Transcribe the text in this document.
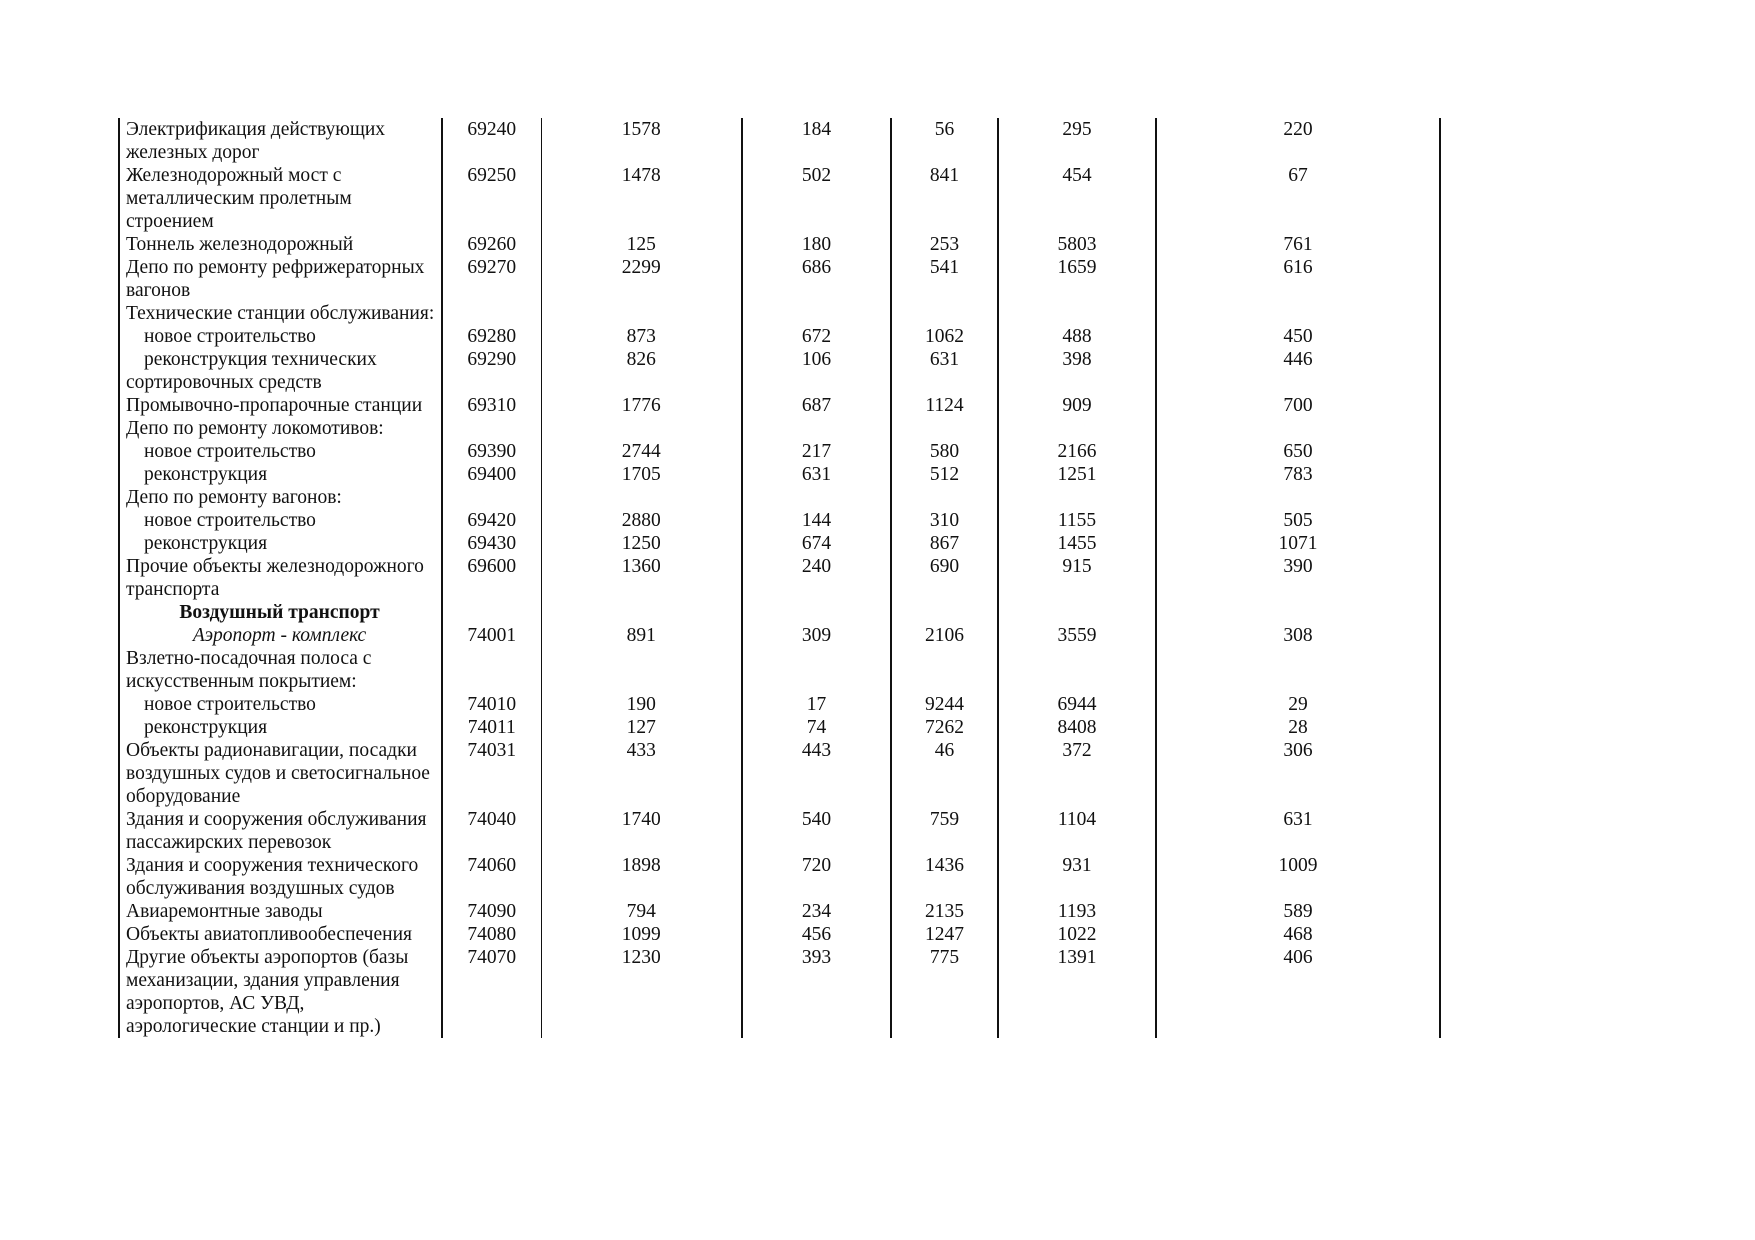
Электрификация действующих железных дорог	69240	1578	184	56	295	220
Железнодорожный мост с металлическим пролетным строением	69250	1478	502	841	454	67
Тоннель железнодорожный	69260	125	180	253	5803	761
Депо по ремонту рефрижераторных вагонов	69270	2299	686	541	1659	616
Технические станции обслуживания:						
новое строительство	69280	873	672	1062	488	450
реконструкция технических сортировочных средств	69290	826	106	631	398	446
Промывочно-пропарочные станции	69310	1776	687	1124	909	700
Депо по ремонту локомотивов:						
новое строительство	69390	2744	217	580	2166	650
реконструкция	69400	1705	631	512	1251	783
Депо по ремонту вагонов:						
новое строительство	69420	2880	144	310	1155	505
реконструкция	69430	1250	674	867	1455	1071
Прочие объекты железнодорожного транспорта	69600	1360	240	690	915	390
Воздушный транспорт						
Аэропорт - комплекс	74001	891	309	2106	3559	308
Взлетно-посадочная полоса с искусственным покрытием:						
новое строительство	74010	190	17	9244	6944	29
реконструкция	74011	127	74	7262	8408	28
Объекты радионавигации, посадки воздушных судов и светосигнальное оборудование	74031	433	443	46	372	306
Здания и сооружения обслуживания пассажирских перевозок	74040	1740	540	759	1104	631
Здания и сооружения технического обслуживания воздушных судов	74060	1898	720	1436	931	1009
Авиаремонтные заводы	74090	794	234	2135	1193	589
Объекты авиатопливообеспечения	74080	1099	456	1247	1022	468
Другие объекты аэропортов (базы механизации, здания управления аэропортов, АС УВД, аэрологические станции и пр.)	74070	1230	393	775	1391	406
